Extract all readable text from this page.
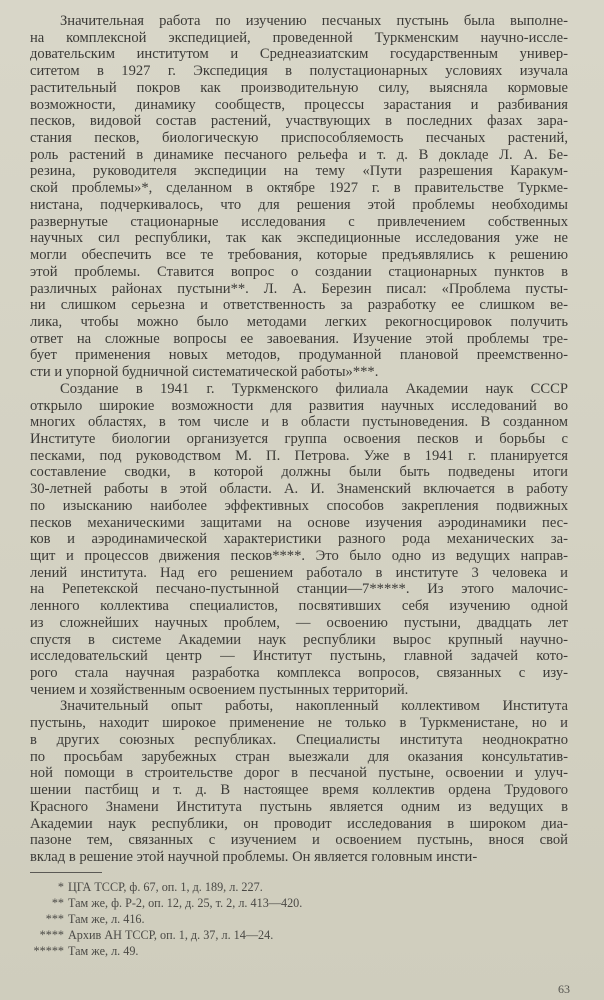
Значительная работа по изучению песчаных пустынь была выполне-
на комплексной экспедицией, проведенной Туркменским научно-иссле-
довательским институтом и Среднеазиатским государственным универ-
ситетом в 1927 г. Экспедиция в полустационарных условиях изучала
растительный покров как производительную силу, выясняла кормовые
возможности, динамику сообществ, процессы зарастания и разбивания
песков, видовой состав растений, участвующих в последних фазах зара-
стания песков, биологическую приспособляемость песчаных растений,
роль растений в динамике песчаного рельефа и т. д. В докладе Л. А. Бе-
резина, руководителя экспедиции на тему «Пути разрешения Каракум-
ской проблемы»*, сделанном в октябре 1927 г. в правительстве Туркме-
нистана, подчеркивалось, что для решения этой проблемы необходимы
развернутые стационарные исследования с привлечением собственных
научных сил республики, так как экспедиционные исследования уже не
могли обеспечить все те требования, которые предъявлялись к решению
этой проблемы. Ставится вопрос о создании стационарных пунктов в
различных районах пустыни**. Л. А. Березин писал: «Проблема пусты-
ни слишком серьезна и ответственность за разработку ее слишком ве-
лика, чтобы можно было методами легких рекогносцировок получить
ответ на сложные вопросы ее завоевания. Изучение этой проблемы тре-
бует применения новых методов, продуманной плановой преемственно-
сти и упорной будничной систематической работы»***.
Создание в 1941 г. Туркменского филиала Академии наук СССР
открыло широкие возможности для развития научных исследований во
многих областях, в том числе и в области пустыноведения. В созданном
Институте биологии организуется группа освоения песков и борьбы с
песками, под руководством М. П. Петрова. Уже в 1941 г. планируется
составление сводки, в которой должны были быть подведены итоги
30-летней работы в этой области. А. И. Знаменский включается в работу
по изысканию наиболее эффективных способов закрепления подвижных
песков механическими защитами на основе изучения аэродинамики пес-
ков и аэродинамической характеристики разного рода механических за-
щит и процессов движения песков****. Это было одно из ведущих направ-
лений института. Над его решением работало в институте 3 человека и
на Репетекской песчано-пустынной станции—7*****. Из этого малочис-
ленного коллектива специалистов, посвятивших себя изучению одной
из сложнейших научных проблем, — освоению пустыни, двадцать лет
спустя в системе Академии наук республики вырос крупный научно-
исследовательский центр — Институт пустынь, главной задачей кото-
рого стала научная разработка комплекса вопросов, связанных с изу-
чением и хозяйственным освоением пустынных территорий.
Значительный опыт работы, накопленный коллективом Института
пустынь, находит широкое применение не только в Туркменистане, но и
в других союзных республиках. Специалисты института неоднократно
по просьбам зарубежных стран выезжали для оказания консультатив-
ной помощи в строительстве дорог в песчаной пустыне, освоении и улуч-
шении пастбищ и т. д. В настоящее время коллектив ордена Трудового
Красного Знамени Института пустынь является одним из ведущих в
Академии наук республики, он проводит исследования в широком диа-
пазоне тем, связанных с изучением и освоением пустынь, внося свой
вклад в решение этой научной проблемы. Он является головным инсти-
* ЦГА ТССР, ф. 67, оп. 1, д. 189, л. 227.
** Там же, ф. Р-2, оп. 12, д. 25, т. 2, л. 413—420.
*** Там же, л. 416.
**** Архив АН ТССР, оп. 1, д. 37, л. 14—24.
***** Там же, л. 49.
63
